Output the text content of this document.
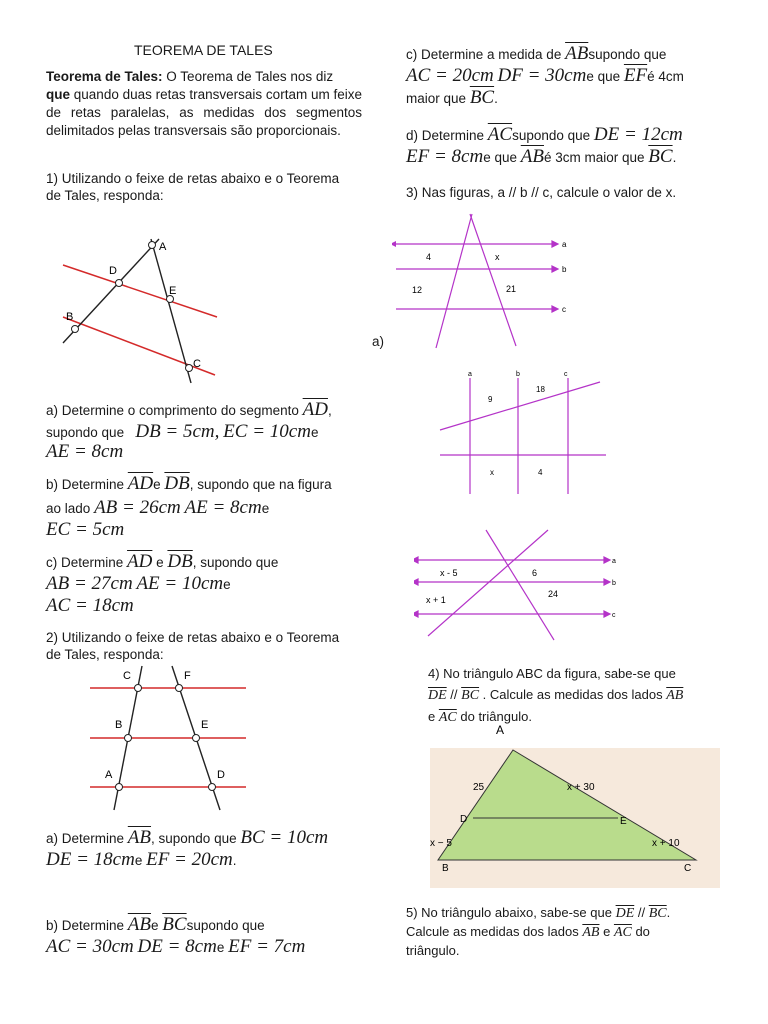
TEOREMA DE TALES
Teorema de Tales: O Teorema de Tales nos diz
que quando duas retas transversais cortam um feixe de retas paralelas, as medidas dos segmentos delimitados pelas transversais são proporcionais.
1) Utilizando o feixe de retas abaixo e o Teorema
de Tales, responda:
A
D
E
B
C
a) Determine o comprimento do segmento $\overline{AD}$,
supondo que DB = 5cm, EC = 10cme
AE = 8cm
b) Determine $\overline{AD}e$ $\overline{DB}$, supondo que na figura
ao lado AB = 26cm AE = 8cme
EC = 5cm
c) Determine $\overline{AD}$ e $\overline{DB}$, supondo que
AB = 27cm AE = 10cme
AC = 18cm
2) Utilizando o feixe de retas abaixo e o Teorema
de Tales, responda:
C	F
B	E
A	D
a) Determine $\overline{AB}$, supondo que BC = 10cm
DE = 18cme EF = 20cm.
b) Determine $\overline{AB}e$ $\overline{BC}supondo$ que
AC = 30cm DE = 8cme EF = 7cm
c) Determine a medida de $\overline{AB}supondo$ que
AC = 20cm DF = 30cme que $\overline{EF}é$ 4cm
maior que $\overline{BC}$.
d) Determine $\overline{AC}supondo$ que DE = 12cm
EF = 8cme que $\overline{AB}é$ 3cm maior que $\overline{BC}$.
3) Nas figuras, a // b // c, calcule o valor de x.
a)
a
b
c
4	x
12	21
a	b	c
9
18
x	4
a
b
c
x - 5	6
x + 1
24
4) No triângulo ABC da figura, sabe-se que
$\overline{DE} // \overline{BC}$ . Calcule as medidas dos lados $\overline{AB}$
e $\overline{AC}$ do triângulo.
A
25	x + 30
D	E
x − 5	x + 10
B	C
5) No triângulo abaixo, sabe-se que $\overline{DE} // \overline{BC}$.
Calcule as medidas dos lados $\overline{AB}$ e $\overline{AC}$ do
triângulo.
